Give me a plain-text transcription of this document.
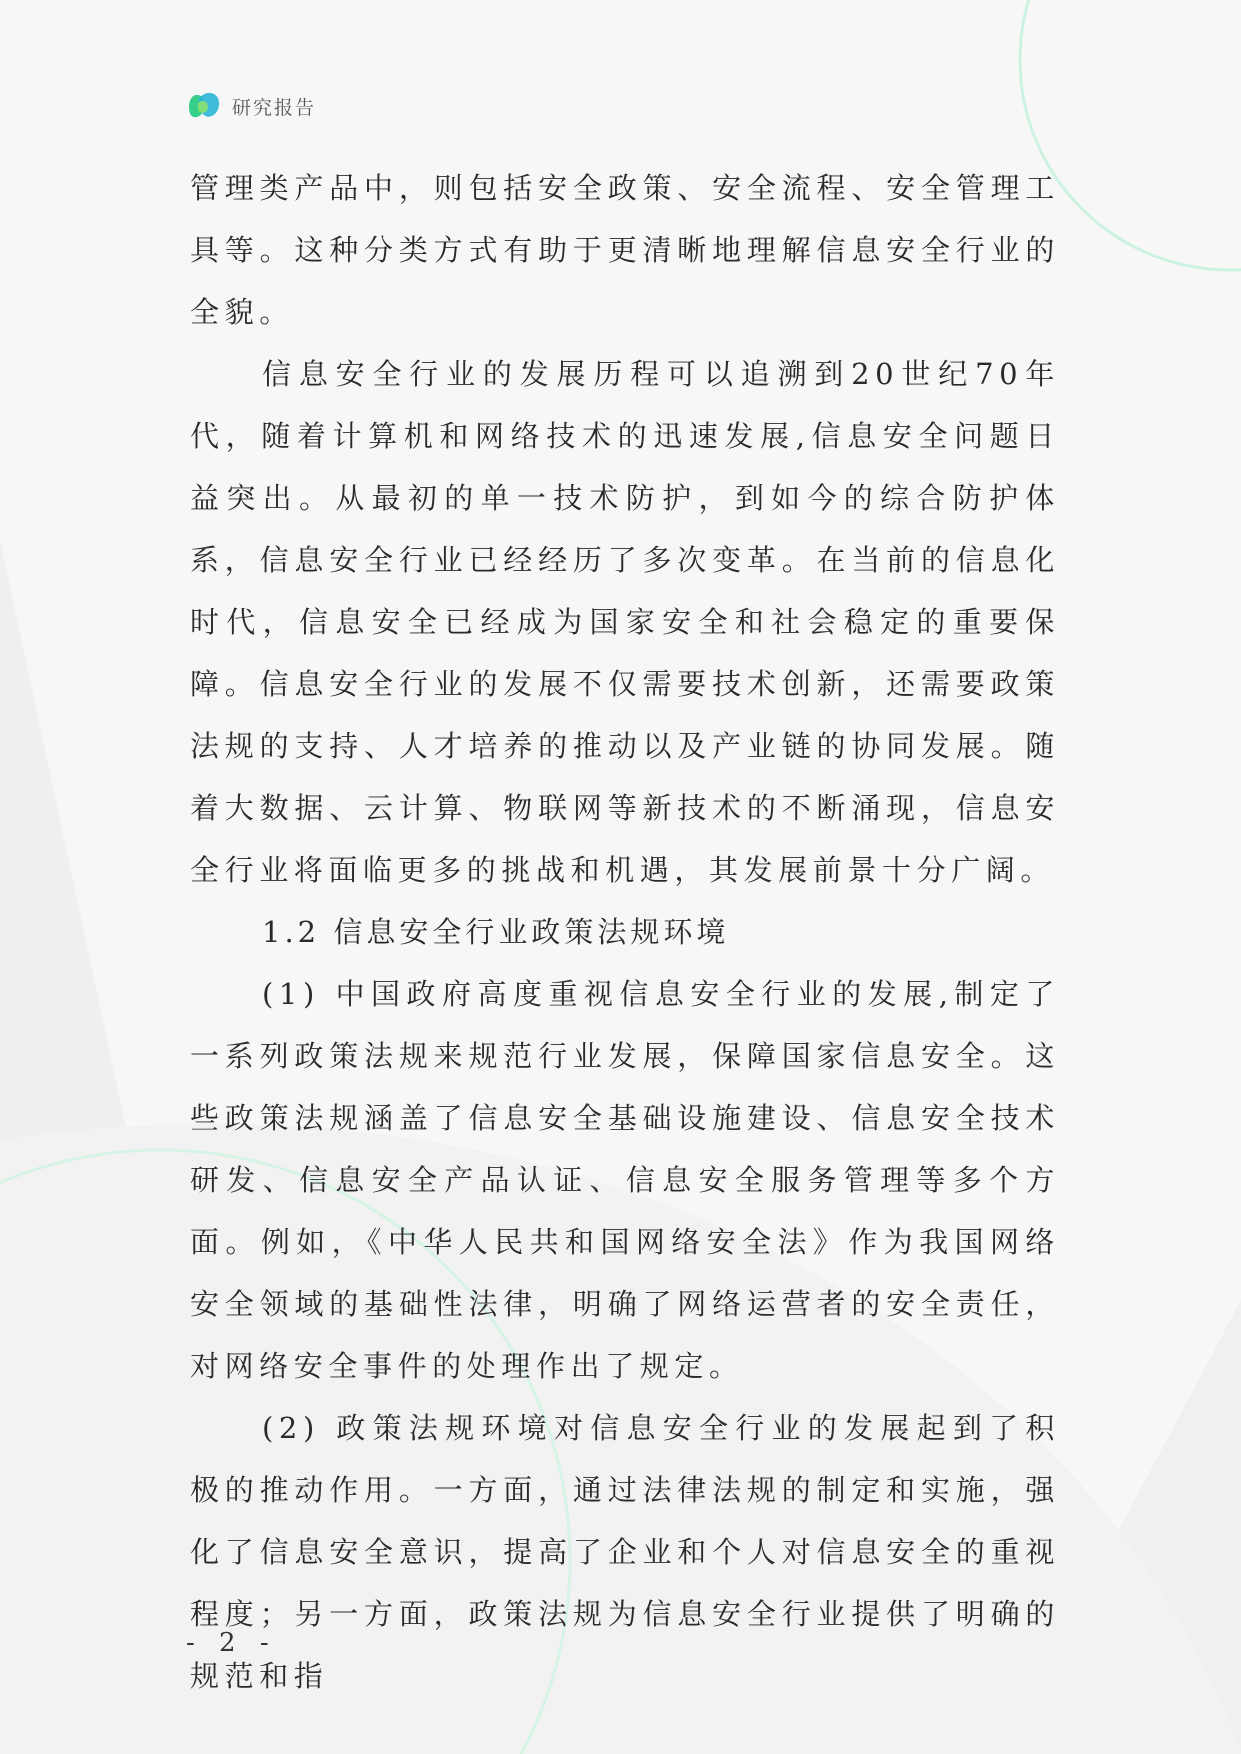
研究报告

管理类产品中，则包括安全政策、安全流程、安全管理工具等。这种分类方式有助于更清晰地理解信息安全行业的全貌。

信息安全行业的发展历程可以追溯到20世纪70年代，随着计算机和网络技术的迅速发展,信息安全问题日益突出。从最初的单一技术防护，到如今的综合防护体系，信息安全行业已经经历了多次变革。在当前的信息化时代，信息安全已经成为国家安全和社会稳定的重要保障。信息安全行业的发展不仅需要技术创新，还需要政策法规的支持、人才培养的推动以及产业链的协同发展。随着大数据、云计算、物联网等新技术的不断涌现，信息安全行业将面临更多的挑战和机遇，其发展前景十分广阔。

1.2 信息安全行业政策法规环境

(1) 中国政府高度重视信息安全行业的发展,制定了一系列政策法规来规范行业发展，保障国家信息安全。这些政策法规涵盖了信息安全基础设施建设、信息安全技术研发、信息安全产品认证、信息安全服务管理等多个方面。例如，《中华人民共和国网络安全法》作为我国网络安全领域的基础性法律，明确了网络运营者的安全责任，对网络安全事件的处理作出了规定。

(2) 政策法规环境对信息安全行业的发展起到了积极的推动作用。一方面，通过法律法规的制定和实施，强化了信息安全意识，提高了企业和个人对信息安全的重视程度；另一方面，政策法规为信息安全行业提供了明确的规范和指

- 2 -
